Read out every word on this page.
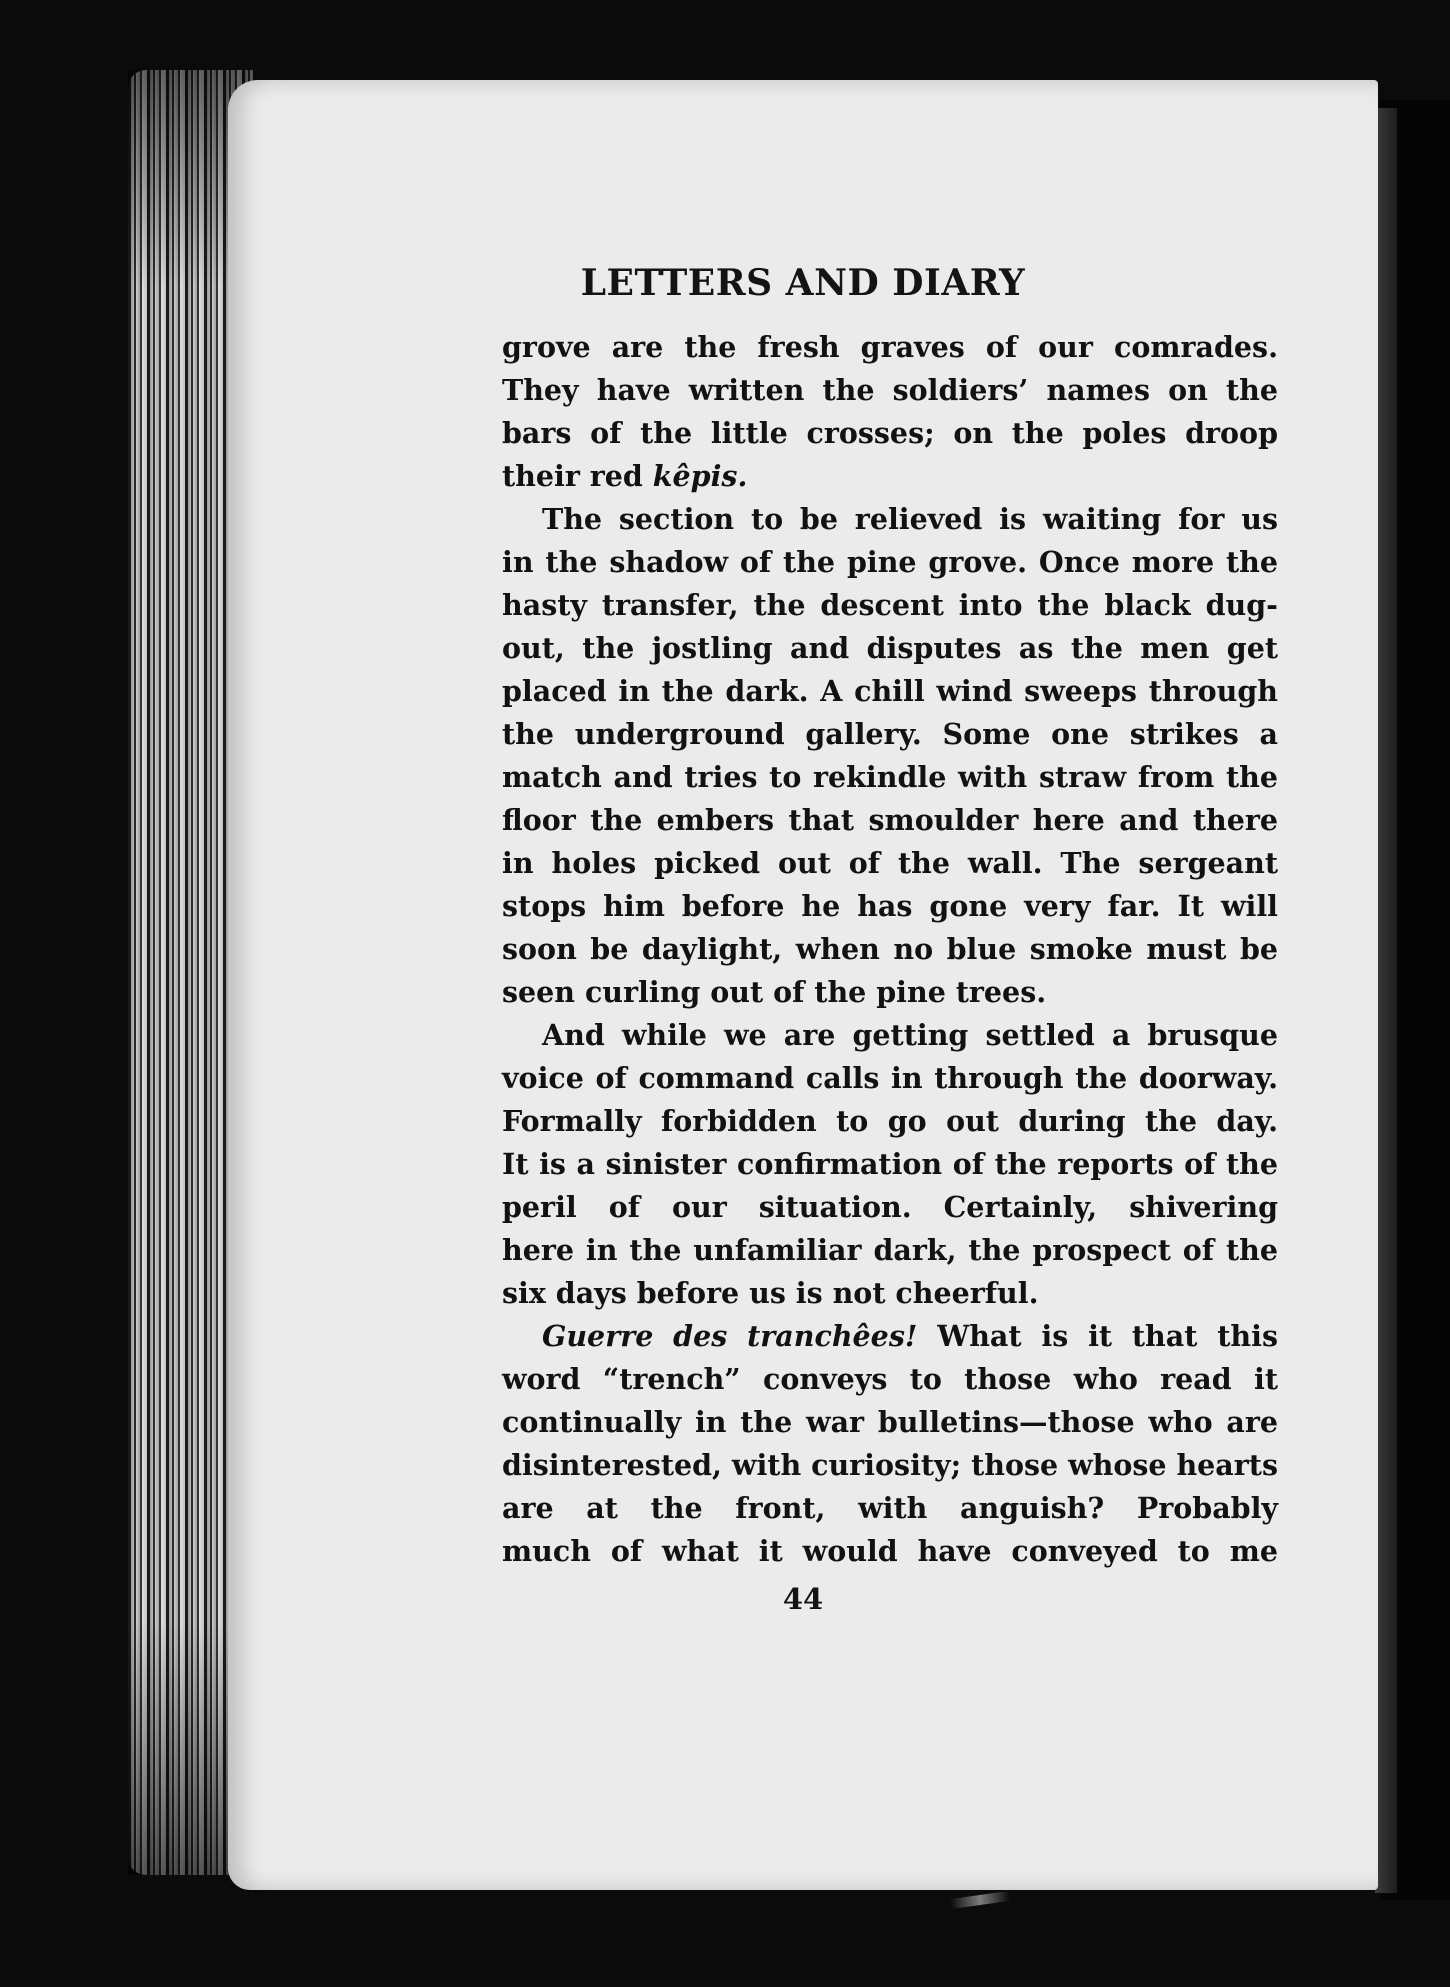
LETTERS AND DIARY
grove are the fresh graves of our comrades.
They have written the soldiers’ names on the
bars of the little crosses; on the poles droop
their red kêpis.
The section to be relieved is waiting for us
in the shadow of the pine grove. Once more the
hasty transfer, the descent into the black dug-
out, the jostling and disputes as the men get
placed in the dark. A chill wind sweeps through
the underground gallery. Some one strikes a
match and tries to rekindle with straw from the
floor the embers that smoulder here and there
in holes picked out of the wall. The sergeant
stops him before he has gone very far. It will
soon be daylight, when no blue smoke must be
seen curling out of the pine trees.
And while we are getting settled a brusque
voice of command calls in through the doorway.
Formally forbidden to go out during the day.
It is a sinister confirmation of the reports of the
peril of our situation. Certainly, shivering
here in the unfamiliar dark, the prospect of the
six days before us is not cheerful.
Guerre des tranchêes! What is it that this
word “trench” conveys to those who read it
continually in the war bulletins—those who are
disinterested, with curiosity; those whose hearts
are at the front, with anguish? Probably
much of what it would have conveyed to me
44
